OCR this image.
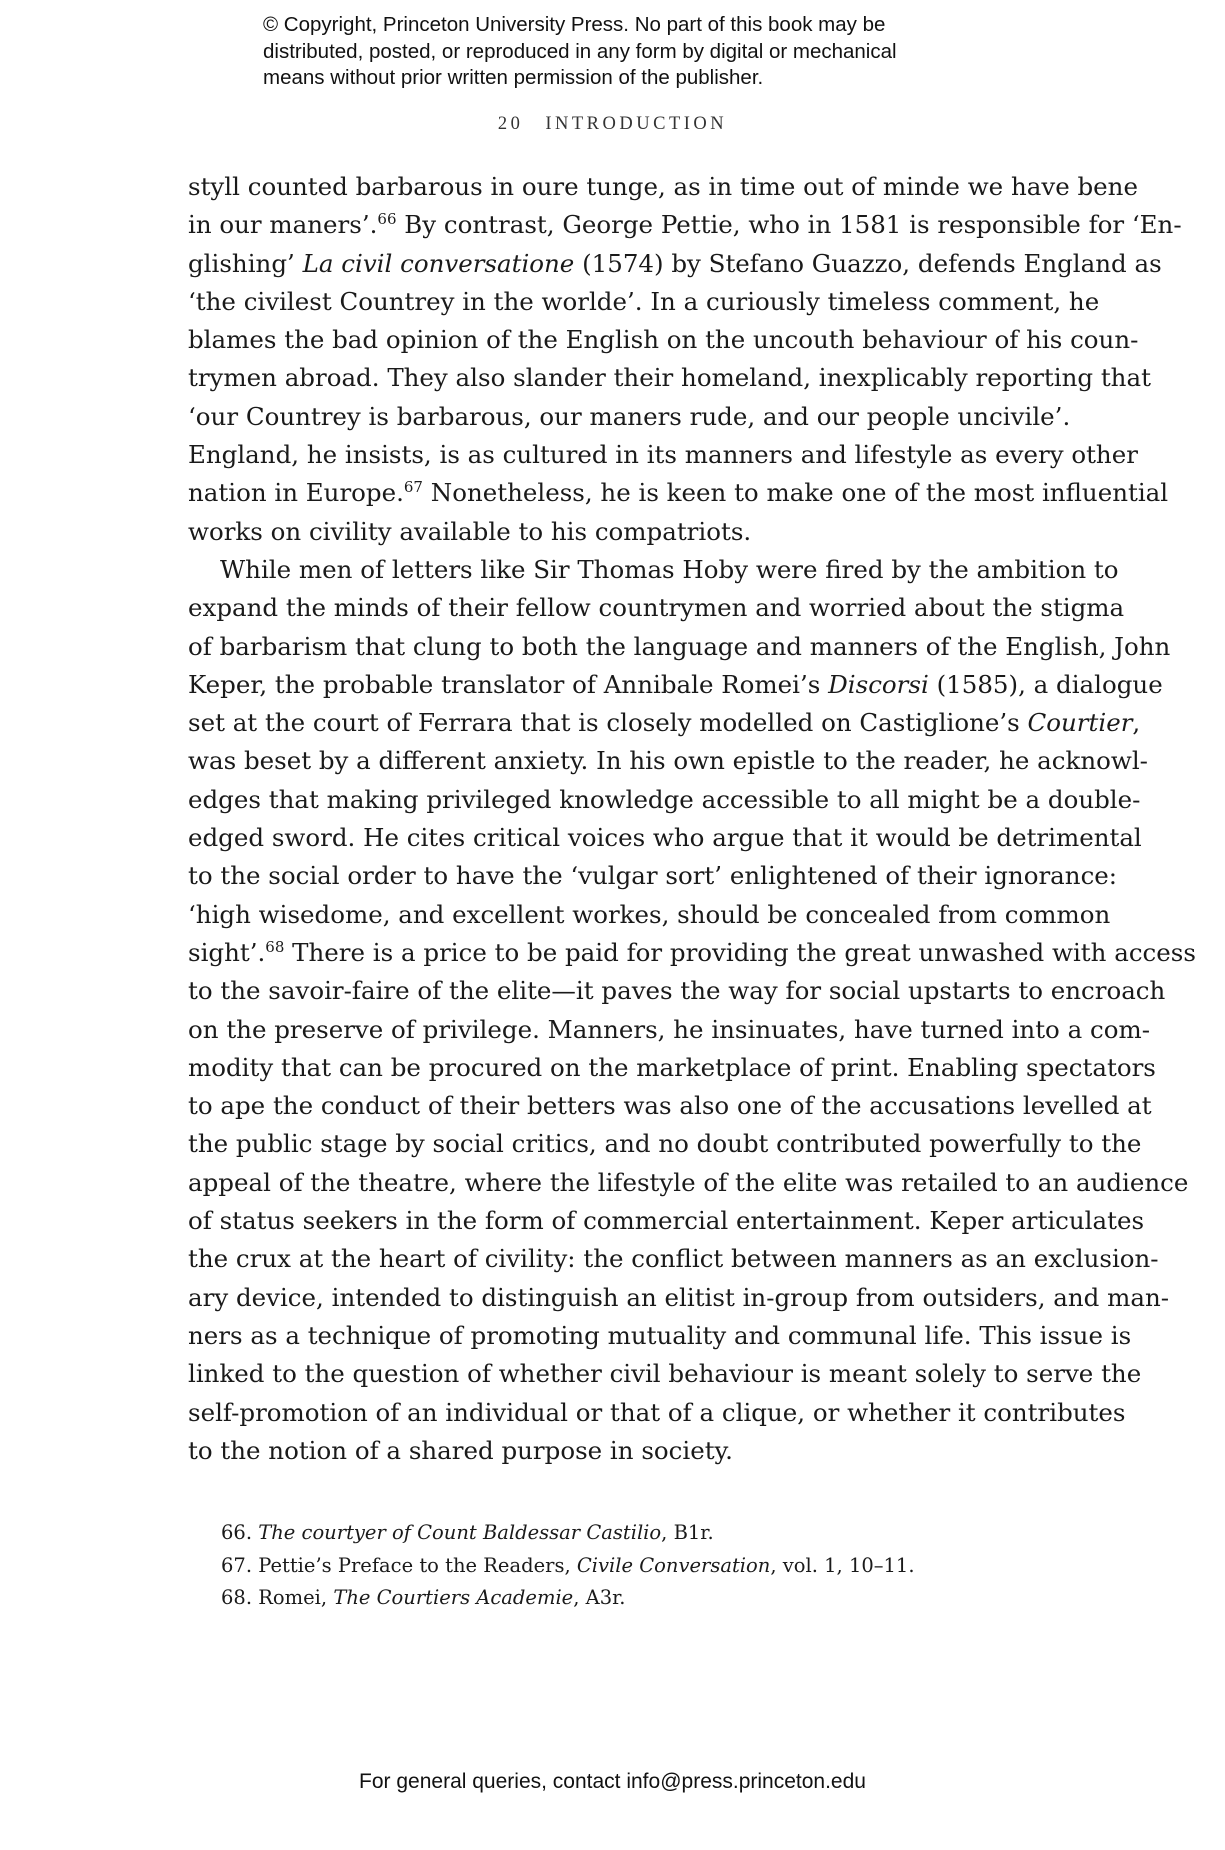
© Copyright, Princeton University Press. No part of this book may be
distributed, posted, or reproduced in any form by digital or mechanical
means without prior written permission of the publisher.
20 INTRODUCTION

styll counted barbarous in oure tunge, as in time out of minde we have bene
in our maners’.$^{66}$ By contrast, George Pettie, who in 1581 is responsible for ‘En-
glishing’ La civil conversatione (1574) by Stefano Guazzo, defends England as
‘the civilest Countrey in the worlde’. In a curiously timeless comment, he
blames the bad opinion of the English on the uncouth behaviour of his coun-
trymen abroad. They also slander their homeland, inexplicably reporting that
‘our Countrey is barbarous, our maners rude, and our people uncivile’.
England, he insists, is as cultured in its manners and lifestyle as every other
nation in Europe.$^{67}$ Nonetheless, he is keen to make one of the most influential
works on civility available to his compatriots.

While men of letters like Sir Thomas Hoby were fired by the ambition to
expand the minds of their fellow countrymen and worried about the stigma
of barbarism that clung to both the language and manners of the English, John
Keper, the probable translator of Annibale Romei’s Discorsi (1585), a dialogue
set at the court of Ferrara that is closely modelled on Castiglione’s Courtier,
was beset by a different anxiety. In his own epistle to the reader, he acknowl-
edges that making privileged knowledge accessible to all might be a double-
edged sword. He cites critical voices who argue that it would be detrimental
to the social order to have the ‘vulgar sort’ enlightened of their ignorance:
‘high wisedome, and excellent workes, should be concealed from common
sight’.$^{68}$ There is a price to be paid for providing the great unwashed with access
to the savoir-faire of the elite—it paves the way for social upstarts to encroach
on the preserve of privilege. Manners, he insinuates, have turned into a com-
modity that can be procured on the marketplace of print. Enabling spectators
to ape the conduct of their betters was also one of the accusations levelled at
the public stage by social critics, and no doubt contributed powerfully to the
appeal of the theatre, where the lifestyle of the elite was retailed to an audience
of status seekers in the form of commercial entertainment. Keper articulates
the crux at the heart of civility: the conflict between manners as an exclusion-
ary device, intended to distinguish an elitist in-group from outsiders, and man-
ners as a technique of promoting mutuality and communal life. This issue is
linked to the question of whether civil behaviour is meant solely to serve the
self-promotion of an individual or that of a clique, or whether it contributes
to the notion of a shared purpose in society.

66. The courtyer of Count Baldessar Castilio, B1r.
67. Pettie’s Preface to the Readers, Civile Conversation, vol. 1, 10–11.
68. Romei, The Courtiers Academie, A3r.
For general queries, contact info@press.princeton.edu
